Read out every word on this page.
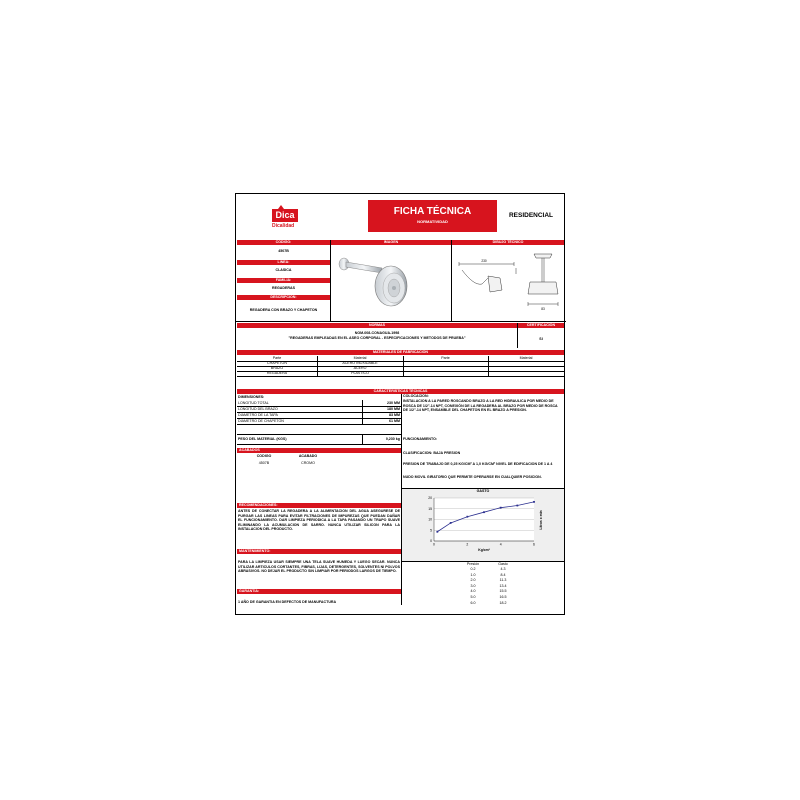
Dica
Dicalidad
FICHA TÉCNICA
NORMATIVIDAD
RESIDENCIAL
CODIGO:	IMAGEN	DIBUJO TÉCNICO
4507B
LINEA:
CLASICA
FAMILIA:
REGADERAS
DESCRIPCION:
REGADERA CON BRAZO Y CHAPETON
230
83
NORMAS	CERTIFICACIÓN
NOM-008-CONAGUA-1998
"REGADERAS EMPLEADAS EN EL ASEO CORPORAL - ESPECIFICACIONES Y METODOS DE PRUEBA"	SI
MATERIALES DE FABRICACIÓN
Parte	Material	Parte	Material
CHAPETON	ACERO INOXIDABLE
BRAZO	ACERO
REGADERA	PLASTICO
CARACTERISTICAS TÉCNICAS
DIMENSIONES:
LONGITUD TOTAL	230 MM
LONGITUD DEL BRAZO	180 MM
DIAMETRO DE LA TAPA	83 MM
DIAMETRO DE CHAPETON	61 MM
PESO DEL MATERIAL (KGS)	0,230 kg
COLOCACION:
INSTALACION A LA PARED ROSCANDO BRAZO A LA RED HIDRAULICA POR MEDIO DE ROSCA DE 1/2"-14 NPT, CONEXIÓN DE LA REGADERA AL BRAZO POR MEDIO DE ROSCA DE 1/2"-14 NPT, ENSAMBLE DEL CHAPETON EN EL BRAZO A PRESION.
FUNCIONAMIENTO:
CLASIFICACION: BAJA PRESION
PRESION DE TRABAJO DE 0,25 KG/CM² A 1,0 KG/CM² NIVEL DE EDIFICACION DE 1 A 4
NUDO MOVIL GIRATORIO QUE PERMITE OPERARSE EN CUALQUIER POSICION.
ACABADOS
CODIGO	ACABADO
4507B	CROMO
RECOMENDACIONES:
ANTES DE CONECTAR LA REGADERA A LA ALIMENTACION DEL AGUA ASEGURESE DE PURGAR LAS LINEAS PARA EVITAR FILTRACIONES DE IMPUREZAS QUE PUEDAN DAÑAR EL FUNCIONAMIENTO. DAR LIMPIEZA PERIODICA A LA TAPA PASANDO UN TRAPO SUAVE ELIMINANDO LA ACUMULACION DE SARRO. NUNCA UTILIZAR SILICON PARA LA INSTALACION DEL PRODUCTO.
MANTENIMIENTO:
PARA LA LIMPIEZA USAR SIEMPRE UNA TELA SUAVE HUMEDA Y LUEGO SECAR. NUNCA UTILIZAR ARTICULOS CORTANTES, FIBRAS, LIJAS, DETERGENTES, SOLVENTES NI POLVOS ABRASIVOS. NO DEJAR EL PRODUCTO SIN LIMPIAR POR PERIODOS LARGOS DE TIEMPO.
GARANTIA:
1 AÑO DE GARANTIA EN DEFECTOS DE MANUFACTURA
GASTO
0
5
10
15
20
0	2	4	6
Kg/cm²
Litros x min
Presión	Gasto
0.2	4.3
1.0	8.4
2.0	11.3
3.0	13.4
4.0	15.5
5.0	16.5
6.0	18.2
